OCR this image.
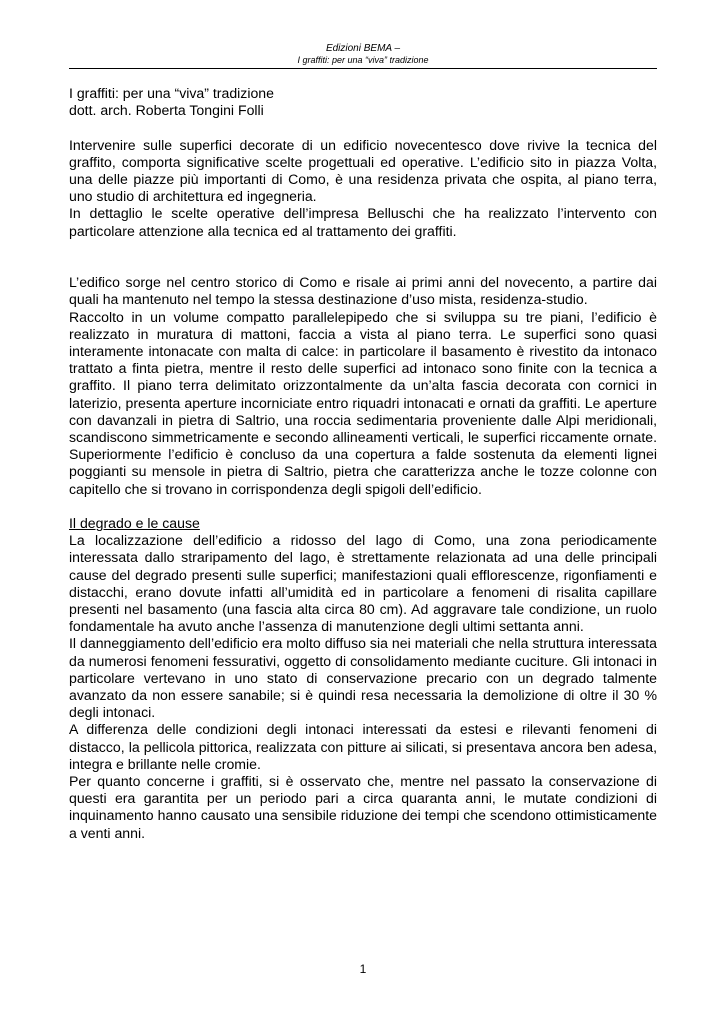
Edizioni BEMA –
I graffiti: per una “viva” tradizione

I graffiti: per una “viva” tradizione

dott. arch. Roberta Tongini Folli

Intervenire sulle superfici decorate di un edificio novecentesco dove rivive la tecnica del graffito, comporta significative scelte progettuali ed operative. L’edificio sito in piazza Volta, una delle piazze più importanti di Como, è una residenza privata che ospita, al piano terra, uno studio di architettura ed ingegneria.

In dettaglio le scelte operative dell’impresa Belluschi che ha realizzato l’intervento con particolare attenzione alla tecnica ed al trattamento dei graffiti.

L’edifico sorge nel centro storico di Como e risale ai primi anni del novecento, a partire dai quali ha mantenuto nel tempo la stessa destinazione d’uso mista, residenza-studio.

Raccolto in un volume compatto parallelepipedo che si sviluppa su tre piani, l’edificio è realizzato in muratura di mattoni, faccia a vista al piano terra. Le superfici sono quasi interamente intonacate con malta di calce: in particolare il basamento è rivestito da intonaco trattato a finta pietra, mentre il resto delle superfici ad intonaco sono finite con la tecnica a graffito. Il piano terra delimitato orizzontalmente da un’alta fascia decorata con cornici in laterizio, presenta aperture incorniciate entro riquadri intonacati e ornati da graffiti. Le aperture con davanzali in pietra di Saltrio, una roccia sedimentaria proveniente dalle Alpi meridionali, scandiscono simmetricamente e secondo allineamenti verticali, le superfici riccamente ornate. Superiormente l’edificio è concluso da una copertura a falde sostenuta da elementi lignei poggianti su mensole in pietra di Saltrio, pietra che caratterizza anche le tozze colonne con capitello che si trovano in corrispondenza degli spigoli dell’edificio.

Il degrado e le cause

La localizzazione dell’edificio a ridosso del lago di Como, una zona periodicamente interessata dallo straripamento del lago, è strettamente relazionata ad una delle principali cause del degrado presenti sulle superfici; manifestazioni quali efflorescenze, rigonfiamenti e distacchi, erano dovute infatti all’umidità ed in particolare a fenomeni di risalita capillare presenti nel basamento (una fascia alta circa 80 cm). Ad aggravare tale condizione, un ruolo fondamentale ha avuto anche l’assenza di manutenzione degli ultimi settanta anni.

Il danneggiamento dell’edificio era molto diffuso sia nei materiali che nella struttura interessata da numerosi fenomeni fessurativi, oggetto di consolidamento mediante cuciture. Gli intonaci in particolare vertevano in uno stato di conservazione precario con un degrado talmente avanzato da non essere sanabile; si è quindi resa necessaria la demolizione di oltre il 30 % degli intonaci.

A differenza delle condizioni degli intonaci interessati da estesi e rilevanti fenomeni di distacco, la pellicola pittorica, realizzata con pitture ai silicati, si presentava ancora ben adesa, integra e brillante nelle cromie.

Per quanto concerne i graffiti, si è osservato che, mentre nel passato la conservazione di questi era garantita per un periodo pari a circa quaranta anni, le mutate condizioni di inquinamento hanno causato una sensibile riduzione dei tempi che scendono ottimisticamente a venti anni.

1
